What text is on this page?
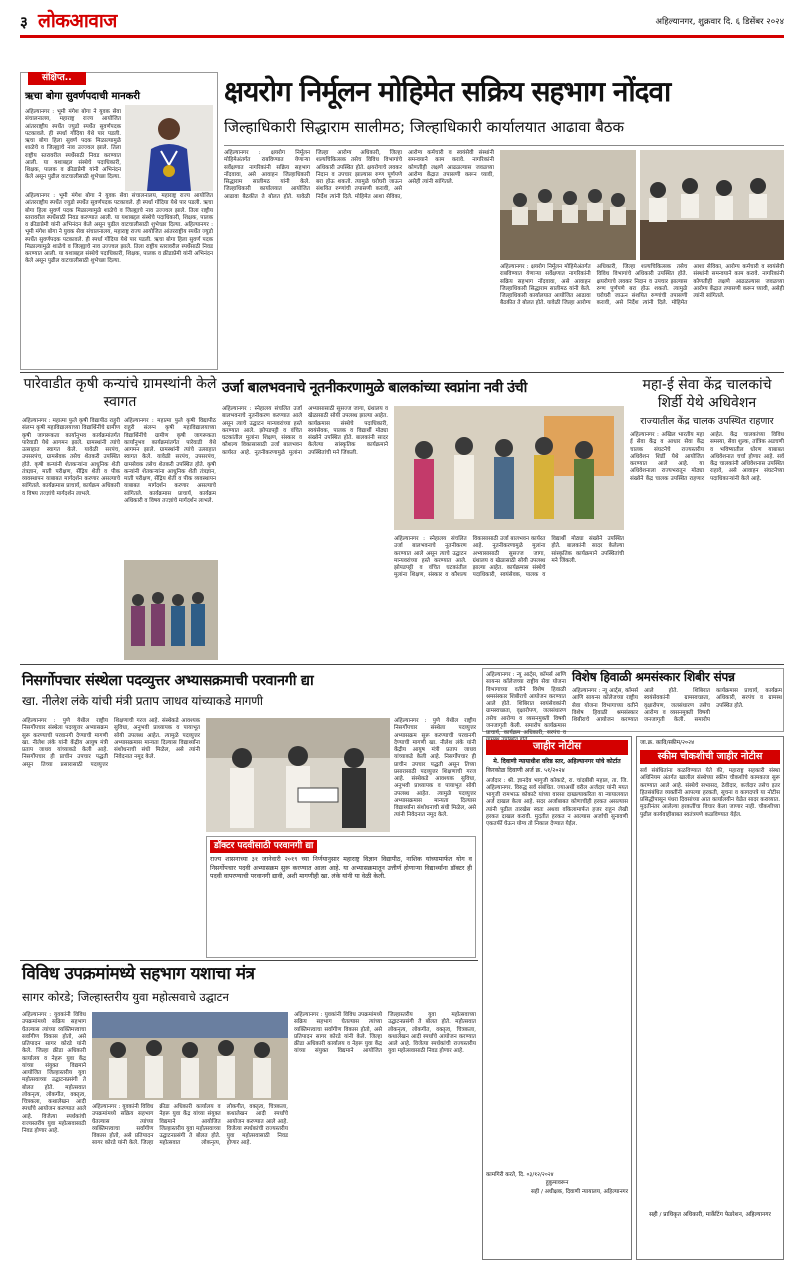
३ लोकआवाज	अहिल्यानगर, शुक्रवार दि. ६ डिसेंबर २०२४
ऋचा बोगा सुवर्णपदाची मानकरी
अहिल्यानगर : भूमी मंगेश बोगा ने युवक सेवा संचालनालय, महाराष्ट्र राज्य आयोजित आंतरराष्ट्रीय स्पर्धेत ज्युडो स्पर्धेत सुवर्णपदक पटकावले. ही स्पर्धा गोंदिया येथे पार पडली. ऋचा बोगा हिला सुवर्ण पदक मिळाल्यामुळे शाळेचे व जिल्ह्याचे नाव उज्ज्वल झाले. तिला राष्ट्रीय स्तरावरील स्पर्धेसाठी निवड करण्यात आली. या यशाबद्दल संस्थेचे पदाधिकारी, शिक्षक, पालक व क्रीडाप्रेमी यांनी अभिनंदन केले असून पुढील वाटचालीसाठी शुभेच्छा दिल्या.
अहिल्यानगर : भूमी मंगेश बोगा ने युवक सेवा संचालनालय, महाराष्ट्र राज्य आयोजित आंतरराष्ट्रीय स्पर्धेत ज्युडो स्पर्धेत सुवर्णपदक पटकावले. ही स्पर्धा गोंदिया येथे पार पडली. ऋचा बोगा हिला सुवर्ण पदक मिळाल्यामुळे शाळेचे व जिल्ह्याचे नाव उज्ज्वल झाले. तिला राष्ट्रीय स्तरावरील स्पर्धेसाठी निवड करण्यात आली. या यशाबद्दल संस्थेचे पदाधिकारी, शिक्षक, पालक व क्रीडाप्रेमी यांनी अभिनंदन केले असून पुढील वाटचालीसाठी शुभेच्छा दिल्या. अहिल्यानगर : भूमी मंगेश बोगा ने युवक सेवा संचालनालय, महाराष्ट्र राज्य आयोजित आंतरराष्ट्रीय स्पर्धेत ज्युडो स्पर्धेत सुवर्णपदक पटकावले. ही स्पर्धा गोंदिया येथे पार पडली. ऋचा बोगा हिला सुवर्ण पदक मिळाल्यामुळे शाळेचे व जिल्ह्याचे नाव उज्ज्वल झाले. तिला राष्ट्रीय स्तरावरील स्पर्धेसाठी निवड करण्यात आली. या यशाबद्दल संस्थेचे पदाधिकारी, शिक्षक, पालक व क्रीडाप्रेमी यांनी अभिनंदन केले असून पुढील वाटचालीसाठी शुभेच्छा दिल्या.
संक्षिप्त..	क्षयरोग निर्मूलन मोहिमेत सक्रिय सहभाग नोंदवा
जिल्हाधिकारी सिद्धाराम सालीमठ; जिल्हाधिकारी कार्यालयात आढावा बैठक
अहिल्यानगर : क्षयरोग निर्मूलन मोहिमेअंतर्गत राबविण्यात येणाऱ्या सर्वेक्षणात नागरिकांनी सक्रिय सहभाग नोंदवावा, असे आवाहन जिल्हाधिकारी सिद्धाराम सालीमठ यांनी केले. जिल्हाधिकारी कार्यालयात आयोजित आढावा बैठकीत ते बोलत होते. यावेळी जिल्हा आरोग्य अधिकारी, जिल्हा शल्यचिकित्सक तसेच विविध विभागांचे अधिकारी उपस्थित होते. क्षयरोगाचे लवकर निदान व उपचार झाल्यास रुग्ण पूर्णपणे बरा होऊ शकतो. त्यामुळे घरोघरी जाऊन संशयित रुग्णांची तपासणी करावी, असे निर्देश त्यांनी दिले. मोहिमेत आशा सेविका, आरोग्य कर्मचारी व स्वयंसेवी संस्थांनी समन्वयाने काम करावे. नागरिकांनी कोणतीही लक्षणे आढळल्यास जवळच्या आरोग्य केंद्रात तपासणी करून घ्यावी, असेही त्यांनी सांगितले.
अहिल्यानगर : क्षयरोग निर्मूलन मोहिमेअंतर्गत राबविण्यात येणाऱ्या सर्वेक्षणात नागरिकांनी सक्रिय सहभाग नोंदवावा, असे आवाहन जिल्हाधिकारी सिद्धाराम सालीमठ यांनी केले. जिल्हाधिकारी कार्यालयात आयोजित आढावा बैठकीत ते बोलत होते. यावेळी जिल्हा आरोग्य अधिकारी, जिल्हा शल्यचिकित्सक तसेच विविध विभागांचे अधिकारी उपस्थित होते. क्षयरोगाचे लवकर निदान व उपचार झाल्यास रुग्ण पूर्णपणे बरा होऊ शकतो. त्यामुळे घरोघरी जाऊन संशयित रुग्णांची तपासणी करावी, असे निर्देश त्यांनी दिले. मोहिमेत आशा सेविका, आरोग्य कर्मचारी व स्वयंसेवी संस्थांनी समन्वयाने काम करावे. नागरिकांनी कोणतीही लक्षणे आढळल्यास जवळच्या आरोग्य केंद्रात तपासणी करून घ्यावी, असेही त्यांनी सांगितले.
पारेवाडीत कृषी कन्यांचे ग्रामस्थांनी केले स्वागत
अहिल्यानगर : महात्मा फुले कृषी विद्यापीठ राहुरी संलग्न कृषी महाविद्यालयाच्या विद्यार्थिनींचे ग्रामीण कृषी जागरूकता कार्यानुभव कार्यक्रमांतर्गत पारेवाडी येथे आगमन झाले. ग्रामस्थांनी त्यांचे उत्साहात स्वागत केले. यावेळी सरपंच, उपसरपंच, ग्रामसेवक तसेच शेतकरी उपस्थित होते. कृषी कन्यांनी शेतकऱ्यांना आधुनिक शेती तंत्रज्ञान, माती परीक्षण, सेंद्रिय शेती व पीक व्यवस्थापन याबाबत मार्गदर्शन करणार असल्याचे सांगितले. कार्यक्रमास प्राचार्य, कार्यक्रम अधिकारी व विषय तज्ज्ञांचे मार्गदर्शन लाभले.
अहिल्यानगर : महात्मा फुले कृषी विद्यापीठ राहुरी संलग्न कृषी महाविद्यालयाच्या विद्यार्थिनींचे ग्रामीण कृषी जागरूकता कार्यानुभव कार्यक्रमांतर्गत पारेवाडी येथे आगमन झाले. ग्रामस्थांनी त्यांचे उत्साहात स्वागत केले. यावेळी सरपंच, उपसरपंच, ग्रामसेवक तसेच शेतकरी उपस्थित होते. कृषी कन्यांनी शेतकऱ्यांना आधुनिक शेती तंत्रज्ञान, माती परीक्षण, सेंद्रिय शेती व पीक व्यवस्थापन याबाबत मार्गदर्शन करणार असल्याचे सांगितले. कार्यक्रमास प्राचार्य, कार्यक्रम अधिकारी व विषय तज्ज्ञांचे मार्गदर्शन लाभले.
उर्जा बालभवनाचे नूतनीकरणामुळे बालकांच्या स्वप्नांना नवी उंची
अहिल्यानगर : स्नेहालय संचलित उर्जा बालभवनाचे नूतनीकरण करण्यात आले असून त्याचे उद्घाटन मान्यवरांच्या हस्ते करण्यात आले. झोपडपट्टी व वंचित घटकांतील मुलांना शिक्षण, संस्कार व कौशल्य विकासासाठी उर्जा बालभवन कार्यरत आहे. नूतनीकरणामुळे मुलांना अभ्यासासाठी सुसज्ज जागा, ग्रंथालय व खेळासाठी सोयी उपलब्ध झाल्या आहेत. कार्यक्रमास संस्थेचे पदाधिकारी, स्वयंसेवक, पालक व विद्यार्थी मोठ्या संख्येने उपस्थित होते. बालकांनी सादर केलेल्या सांस्कृतिक कार्यक्रमाने उपस्थितांची मने जिंकली.
अहिल्यानगर : स्नेहालय संचलित उर्जा बालभवनाचे नूतनीकरण करण्यात आले असून त्याचे उद्घाटन मान्यवरांच्या हस्ते करण्यात आले. झोपडपट्टी व वंचित घटकांतील मुलांना शिक्षण, संस्कार व कौशल्य विकासासाठी उर्जा बालभवन कार्यरत आहे. नूतनीकरणामुळे मुलांना अभ्यासासाठी सुसज्ज जागा, ग्रंथालय व खेळासाठी सोयी उपलब्ध झाल्या आहेत. कार्यक्रमास संस्थेचे पदाधिकारी, स्वयंसेवक, पालक व विद्यार्थी मोठ्या संख्येने उपस्थित होते. बालकांनी सादर केलेल्या सांस्कृतिक कार्यक्रमाने उपस्थितांची मने जिंकली.
महा-ई सेवा केंद्र चालकांचे शिर्डी येथे अधिवेशन
राज्यातील केंद्र चालक उपस्थित राहणार
अहिल्यानगर : अखिल भारतीय महा ई सेवा केंद्र व आधार सेवा केंद्र चालक संघटनेचे राज्यस्तरीय अधिवेशन शिर्डी येथे आयोजित करण्यात आले आहे. या अधिवेशनाला राज्यभरातून मोठ्या संख्येने केंद्र चालक उपस्थित राहणार आहेत. केंद्र चालकांच्या विविध समस्या, सेवा शुल्क, तांत्रिक अडचणी व भविष्यातील धोरण याबाबत अधिवेशनात चर्चा होणार आहे. सर्व केंद्र चालकांनी अधिवेशनास उपस्थित राहावे, असे आवाहन संघटनेच्या पदाधिकाऱ्यांनी केले आहे.
निसर्गोपचार संस्थेला पदव्युत्तर अभ्यासक्रमाची परवानगी द्या
खा. नीलेश लंके यांची मंत्री प्रताप जाधव यांच्याकडे मागणी
अहिल्यानगर : पुणे येथील राष्ट्रीय निसर्गोपचार संस्थेला पदव्युत्तर अभ्यासक्रम सुरू करण्याची परवानगी देण्याची मागणी खा. नीलेश लंके यांनी केंद्रीय आयुष मंत्री प्रताप जाधव यांच्याकडे केली आहे. निसर्गोपचार ही प्राचीन उपचार पद्धती असून तिच्या प्रसारासाठी पदव्युत्तर शिक्षणाची गरज आहे. संस्थेकडे आवश्यक सुविधा, अनुभवी प्राध्यापक व पायाभूत सोयी उपलब्ध आहेत. त्यामुळे पदव्युत्तर अभ्यासक्रमास मान्यता दिल्यास विद्यार्थ्यांना संशोधनाची संधी मिळेल, असे त्यांनी निवेदनात नमूद केले.
डॉक्टर पदवीसाठी परवानगी द्या
राज्य शासनाच्या ३१ जानेवारी २०१९ च्या निर्णयानुसार महाराष्ट्र विज्ञान विद्यापीठ, नाशिक यांच्यामार्फत योग व निसर्गोपचार पदवी अभ्यासक्रम सुरू करण्यात आला आहे. या अभ्यासक्रमातून उत्तीर्ण होणाऱ्या विद्यार्थ्यांना डॉक्टर ही पदवी वापरण्याची परवानगी द्यावी, अशी मागणीही खा. लंके यांनी या वेळी केली.
अहिल्यानगर : पुणे येथील राष्ट्रीय निसर्गोपचार संस्थेला पदव्युत्तर अभ्यासक्रम सुरू करण्याची परवानगी देण्याची मागणी खा. नीलेश लंके यांनी केंद्रीय आयुष मंत्री प्रताप जाधव यांच्याकडे केली आहे. निसर्गोपचार ही प्राचीन उपचार पद्धती असून तिच्या प्रसारासाठी पदव्युत्तर शिक्षणाची गरज आहे. संस्थेकडे आवश्यक सुविधा, अनुभवी प्राध्यापक व पायाभूत सोयी उपलब्ध आहेत. त्यामुळे पदव्युत्तर अभ्यासक्रमास मान्यता दिल्यास विद्यार्थ्यांना संशोधनाची संधी मिळेल, असे त्यांनी निवेदनात नमूद केले.
अहिल्यानगर : न्यू आर्ट्स, कॉमर्स आणि सायन्स कॉलेजच्या राष्ट्रीय सेवा योजना विभागाच्या वतीने विशेष हिवाळी श्रमसंस्कार शिबीराचे आयोजन करण्यात आले होते. शिबिरात स्वयंसेवकांनी ग्रामस्वच्छता, वृक्षारोपण, जलसंधारण तसेच आरोग्य व व्यसनमुक्ती विषयी जनजागृती केली. समारोप कार्यक्रमास प्राचार्य, कार्यक्रम अधिकारी, सरपंच व
विशेष हिवाळी श्रमसंस्कार शिबीर संपन्न
अहिल्यानगर : न्यू आर्ट्स, कॉमर्स आणि सायन्स कॉलेजच्या राष्ट्रीय सेवा योजना विभागाच्या वतीने विशेष हिवाळी श्रमसंस्कार शिबीराचे आयोजन करण्यात आले होते. शिबिरात स्वयंसेवकांनी ग्रामस्वच्छता, वृक्षारोपण, जलसंधारण तसेच आरोग्य व व्यसनमुक्ती विषयी जनजागृती केली. समारोप कार्यक्रमास प्राचार्य, कार्यक्रम अधिकारी, सरपंच व ग्रामस्थ उपस्थित होते.
जाहीर नोटीस
मे. दिवाणी न्यायाधीश वरिष्ठ स्तर, अहिल्यानगर यांचे कोर्टात
किरकोळ दिवाणी अर्ज क्र. ५१/२०२४
अर्जदार : श्री. ज्ञानदेव भागुजी कोकाटे, रा. चांदबीबी महाल, ता. जि. अहिल्यानगर. विरुद्ध सर्व संबंधित. ज्याअर्थी वरील अर्जदार यांनी मयत भागुजी रामभाऊ कोकाटे यांच्या वारसा दाखल्याकरिता या न्यायालयात अर्ज दाखल केला आहे. सदर अर्जाबाबत कोणाचीही हरकत असल्यास त्यांनी पुढील तारखेस स्वतः अथवा वकिलामार्फत हजर राहून लेखी हरकत दाखल करावी. मुदतीत हरकत न आल्यास अर्जाची सुनावणी एकतर्फी घेऊन योग्य तो निकाल देण्यात येईल.
कामगिरी करते, दि. ०३/१२/२०२४
हुकुमावरून
सही / अधीक्षक, दिवाणी न्यायालय, अहिल्यानगर
जा.क्र. कावि/स्कीम/२०२४
स्कीम चौकशीची जाहीर नोटीस
सर्व संबंधितांना कळविण्यात येते की, महाराष्ट्र सहकारी संस्था अधिनियम अंतर्गत खालील संस्थेच्या स्कीम चौकशीचे कामकाज सुरू करण्यात आले आहे. संस्थेचे सभासद, ठेवीदार, कर्जदार तसेच इतर हितसंबंधित व्यक्तींनी आपल्या हरकती, सूचना व कागदपत्रे या नोटीस प्रसिद्धीपासून पंधरा दिवसांच्या आत कार्यालयीन वेळेत सादर कराव्यात. मुदतीनंतर आलेल्या हरकतींचा विचार केला जाणार नाही. चौकशीच्या पुढील कार्यवाहीबाबत स्वतंत्रपणे कळविण्यात येईल.
सही / प्राधिकृत अधिकारी, मार्केटिंग फेडरेशन, अहिल्यानगर
विविध उपक्रमांमध्ये सहभाग यशाचा मंत्र
सागर कोरडे; जिल्हास्तरीय युवा महोत्सवाचे उद्घाटन
अहिल्यानगर : युवकांनी विविध उपक्रमांमध्ये सक्रिय सहभाग घेतल्यास त्यांच्या व्यक्तिमत्त्वाचा सर्वांगीण विकास होतो, असे प्रतिपादन सागर कोरडे यांनी केले. जिल्हा क्रीडा अधिकारी कार्यालय व नेहरू युवा केंद्र यांच्या संयुक्त विद्यमाने आयोजित जिल्हास्तरीय युवा महोत्सवाच्या उद्घाटनप्रसंगी ते बोलत होते. महोत्सवात लोकनृत्य, लोकगीत, वक्तृत्व, चित्रकला, कथालेखन आदी स्पर्धांचे आयोजन करण्यात आले आहे. विजेत्या स्पर्धकांची राज्यस्तरीय युवा महोत्सवासाठी निवड होणार आहे.
अहिल्यानगर : युवकांनी विविध उपक्रमांमध्ये सक्रिय सहभाग घेतल्यास त्यांच्या व्यक्तिमत्त्वाचा सर्वांगीण विकास होतो, असे प्रतिपादन सागर कोरडे यांनी केले. जिल्हा क्रीडा अधिकारी कार्यालय व नेहरू युवा केंद्र यांच्या संयुक्त विद्यमाने आयोजित जिल्हास्तरीय युवा महोत्सवाच्या उद्घाटनप्रसंगी ते बोलत होते. महोत्सवात लोकनृत्य, लोकगीत, वक्तृत्व, चित्रकला, कथालेखन आदी स्पर्धांचे आयोजन करण्यात आले आहे. विजेत्या स्पर्धकांची राज्यस्तरीय युवा महोत्सवासाठी निवड होणार आहे.
अहिल्यानगर : युवकांनी विविध उपक्रमांमध्ये सक्रिय सहभाग घेतल्यास त्यांच्या व्यक्तिमत्त्वाचा सर्वांगीण विकास होतो, असे प्रतिपादन सागर कोरडे यांनी केले. जिल्हा क्रीडा अधिकारी कार्यालय व नेहरू युवा केंद्र यांच्या संयुक्त विद्यमाने आयोजित जिल्हास्तरीय युवा महोत्सवाच्या उद्घाटनप्रसंगी ते बोलत होते. महोत्सवात लोकनृत्य, लोकगीत, वक्तृत्व, चित्रकला, कथालेखन आदी स्पर्धांचे आयोजन करण्यात आले आहे. विजेत्या स्पर्धकांची राज्यस्तरीय युवा महोत्सवासाठी निवड होणार आहे.
